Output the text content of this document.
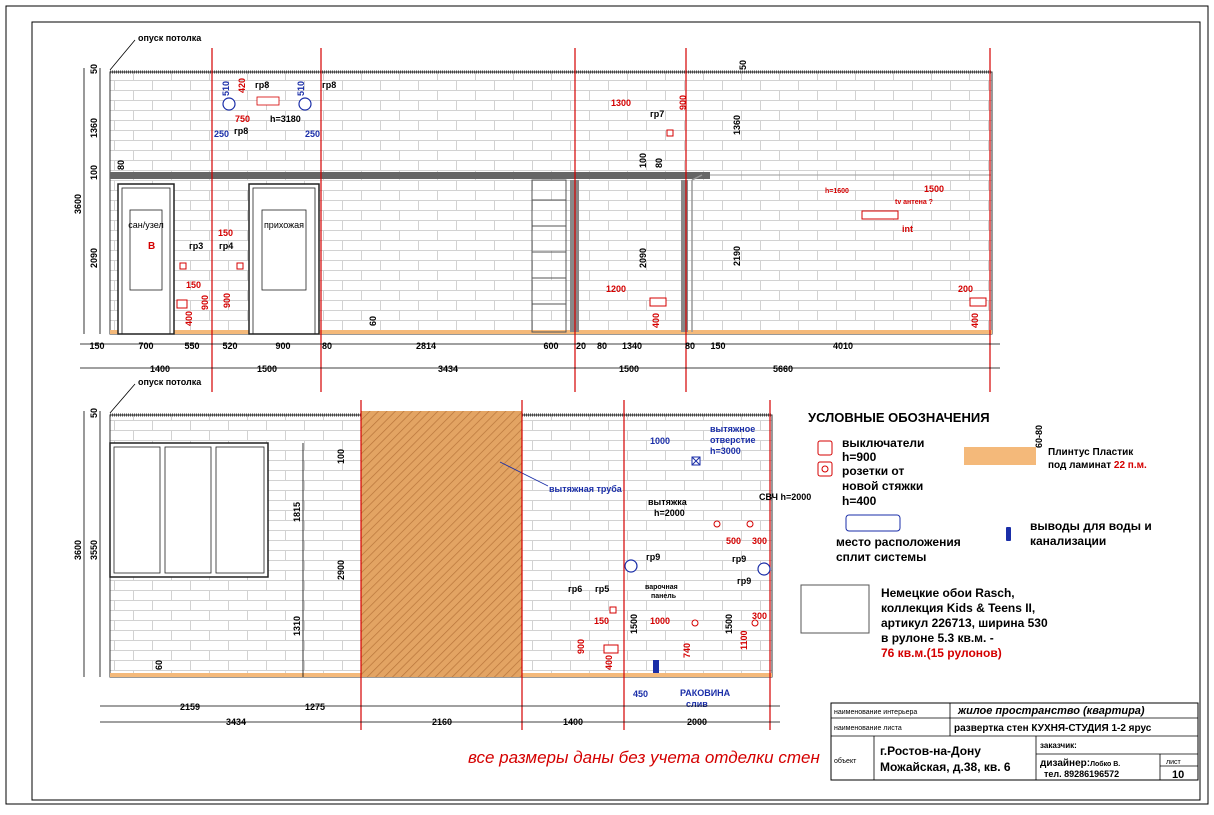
сан/узел	прихожая
опуск потолка
гр8	гр8
гр8
h=3180	гр7
гр3 гр4
В
h=1600
tv антена ?
int
420
750
150
150
900
400
900
1300	900
1200
400
1500
200
400
510	510
250	250
50
1360
100
2090
3600
50
1360
2190
80	100 80
2090
60
150	700	550	520	900	80	2814	600 20 80 1340	80 150	4010
1400	1500	3434	1500	5660
вытяжная труба
вытяжное
отверстие
h=3000
вытяжка
h=2000
СВЧ h=2000
гр9	гр9
гр9
гр6 гр5	варочная
панель
РАКОВИНА
слив
1000
450
500 300
150	1000
900
400
740
1100
300
1500	1500
опуск потолка
50
3600 3550
1815
1310
60
100
2900
2159	1275
3434	2160	1400	2000
УСЛОВНЫЕ ОБОЗНАЧЕНИЯ
выключатели
h=900
розетки от
новой стяжки
h=400
место расположения
сплит системы
60-80
Плинтус Пластик
под ламинат 22 п.м.
выводы для воды и
канализации
Немецкие обои Rasch,
коллекция Kids & Teens II,
артикул 226713, ширина 530
в рулоне 5.3 кв.м. -
76 кв.м.(15 рулонов)
наименование интерьера	жилое пространство (квартира)
наименование листа	развертка стен КУХНЯ-СТУДИЯ 1-2 ярус
объект
г.Ростов-на-Дону
Можайская, д.38, кв. 6
заказчик:
дизайнер:Лобко В.
тел. 89286196572
лист
10
все размеры даны без учета отделки стен
